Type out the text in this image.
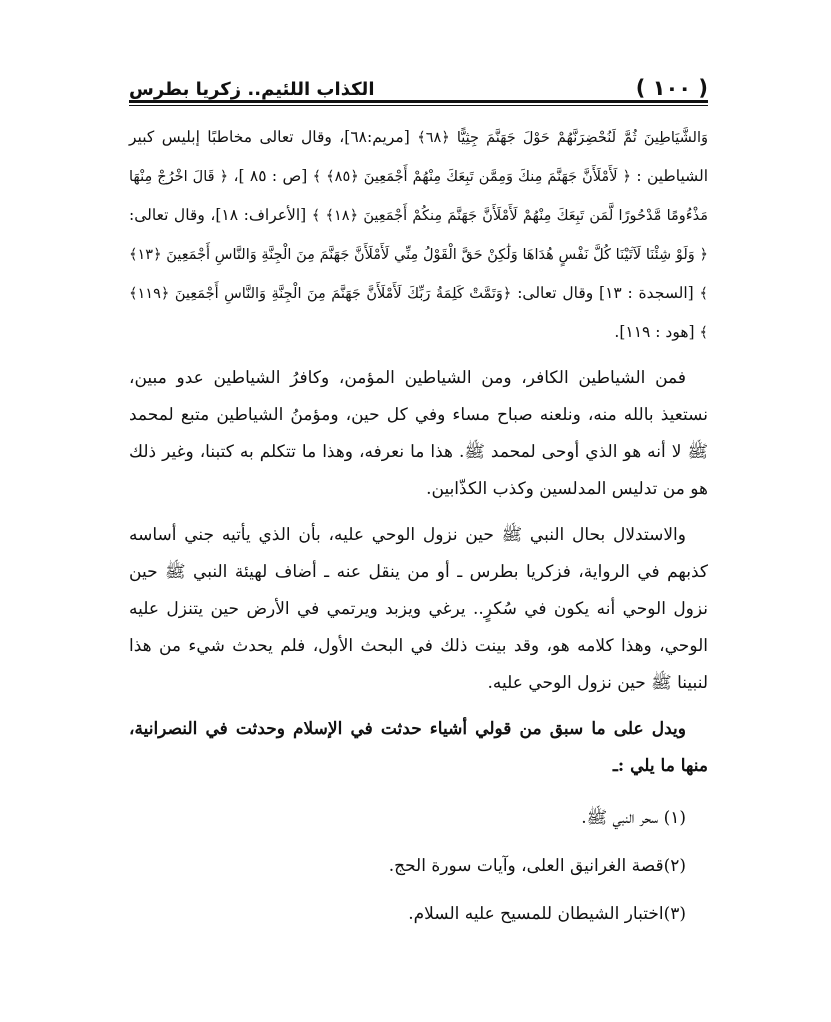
( ١٠٠ )
الكذاب اللئيم.. زكريا بطرس

وَالشَّيَاطِينَ ثُمَّ لَنُحْضِرَنَّهُمْ حَوْلَ جَهَنَّمَ جِثِيًّا ﴿٦٨﴾ [مريم:٦٨]، وقال تعالى مخاطبًا إبليس كبير الشياطين : ﴿ لَأَمْلَأَنَّ جَهَنَّمَ مِنكَ وَمِمَّن تَبِعَكَ مِنْهُمْ أَجْمَعِينَ ﴿٨٥﴾ ﴾ [ص : ٨٥ ]، ﴿ قَالَ اخْرُجْ مِنْهَا مَذْءُومًا مَّدْحُورًا لَّمَن تَبِعَكَ مِنْهُمْ لَأَمْلَأَنَّ جَهَنَّمَ مِنكُمْ أَجْمَعِينَ ﴿١٨﴾ ﴾ [الأعراف: ١٨]، وقال تعالى: ﴿ وَلَوْ شِئْنَا لَآتَيْنَا كُلَّ نَفْسٍ هُدَاهَا وَلَٰكِنْ حَقَّ الْقَوْلُ مِنِّي لَأَمْلَأَنَّ جَهَنَّمَ مِنَ الْجِنَّةِ وَالنَّاسِ أَجْمَعِينَ ﴿١٣﴾ ﴾ [السجدة : ١٣] وقال تعالى: ﴿وَتَمَّتْ كَلِمَةُ رَبِّكَ لَأَمْلَأَنَّ جَهَنَّمَ مِنَ الْجِنَّةِ وَالنَّاسِ أَجْمَعِينَ ﴿١١٩﴾ ﴾ [هود : ١١٩].

فمن الشياطين الكافر، ومن الشياطين المؤمن، وكافرُ الشياطين عدو مبين، نستعيذ بالله منه، ونلعنه صباح مساء وفي كل حين، ومؤمنُ الشياطين متبع لمحمد ﷺ لا أنه هو الذي أوحى لمحمد ﷺ. هذا ما نعرفه، وهذا ما تتكلم به كتبنا، وغير ذلك هو من تدليس المدلسين وكذب الكذّابين.

والاستدلال بحال النبي ﷺ حين نزول الوحي عليه، بأن الذي يأتيه جني أساسه كذبهم في الرواية، فزكريا بطرس ـ أو من ينقل عنه ـ أضاف لهيئة النبي ﷺ حين نزول الوحي أنه يكون في سُكرٍ.. يرغي ويزبد ويرتمي في الأرض حين يتنزل عليه الوحي، وهذا كلامه هو، وقد بينت ذلك في البحث الأول، فلم يحدث شيء من هذا لنبينا ﷺ حين نزول الوحي عليه.

ويدل على ما سبق من قولي أشياء حدثت في الإسلام وحدثت في النصرانية، منها ما يلي :ـ

(١) سحر النبي ﷺ.
(٢)قصة الغرانيق العلى، وآيات سورة الحج.
(٣)اختبار الشيطان للمسيح عليه السلام.
